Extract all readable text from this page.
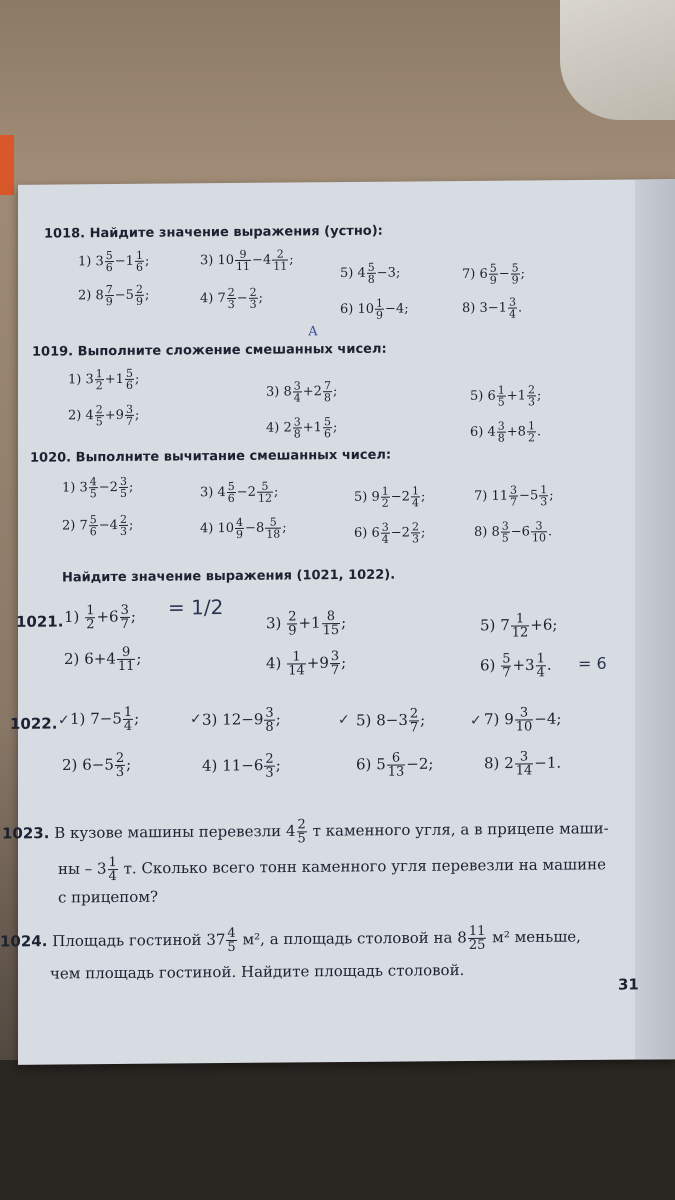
1018. Найдите значение выражения (устно):
1) $3 \frac{5}{6} -1 \frac{1}{6}$ ;
2) $8 \frac{7}{9} -5 \frac{2}{9}$ ;
3) $10 \frac{9}{11} -4 \frac{2}{11}$ ;
4) $7 \frac{2}{3} - \frac{2}{3}$ ;
5) $4 \frac{5}{8} -3$;
6) $10 \frac{1}{9} -4$;
7) $6 \frac{5}{9} - \frac{5}{9}$ ;
8) $3-1 \frac{3}{4}$ .
А
1019. Выполните сложение смешанных чисел:
1) $3 \frac{1}{2} +1 \frac{5}{6}$ ;
2) $4 \frac{2}{5} +9 \frac{3}{7}$ ;
3) $8 \frac{3}{4} +2 \frac{7}{8}$ ;
4) $2 \frac{3}{8} +1 \frac{5}{6}$ ;
5) $6 \frac{1}{5} +1 \frac{2}{3}$ ;
6) $4 \frac{3}{8} +8 \frac{1}{2}$ .
1020. Выполните вычитание смешанных чисел:
1) $3 \frac{4}{5} -2 \frac{3}{5}$ ;
2) $7 \frac{5}{6} -4 \frac{2}{3}$ ;
3) $4 \frac{5}{6} -2 \frac{5}{12}$ ;
4) $10 \frac{4}{9} -8 \frac{5}{18}$ ;
5) $9 \frac{1}{2} -2 \frac{1}{4}$ ;
6) $6 \frac{3}{4} -2 \frac{2}{3}$ ;
7) $11 \frac{3}{7} -5 \frac{1}{3}$ ;
8) $8 \frac{3}{5} -6 \frac{3}{10}$ .
Найдите значение выражения (1021, 1022).
1021. $1) \frac{1}{2} +6 \frac{3}{7}$ ;
2) $6+4 \frac{9}{11}$ ;
$3) \frac{2}{9} +1 \frac{8}{15}$ ;
$4) \frac{1}{14} +9 \frac{3}{7}$ ;
5) $7 \frac{1}{12} +6$;
$6) \frac{5}{7} +3 \frac{1}{4}$ .
= 1/2
= 6
1022. ✓ 1) $7-5 \frac{1}{4}$ ;
2) $6-5 \frac{2}{3}$ ;
✓ 3) $12-9 \frac{3}{8}$ ;
4) $11-6 \frac{2}{3}$ ;
✓ 5) $8-3 \frac{2}{7}$ ;
6) $5 \frac{6}{13} -2$;
✓ 7) $9 \frac{3}{10} -4$;
8) $2 \frac{3}{14} -1$.
1023. В кузове машины перевезли $4 \frac{2}{5}$ т каменного угля, а в прицепе маши-
ны – $3 \frac{1}{4} т$. Сколько всего тонн каменного угля перевезли на машине
с прицепом?
1024. Площадь гостиной $37 \frac{4}{5} м^2$, а площадь столовой на $8 \frac{11}{25} м^2$ меньше,
чем площадь гостиной. Найдите площадь столовой.
31
